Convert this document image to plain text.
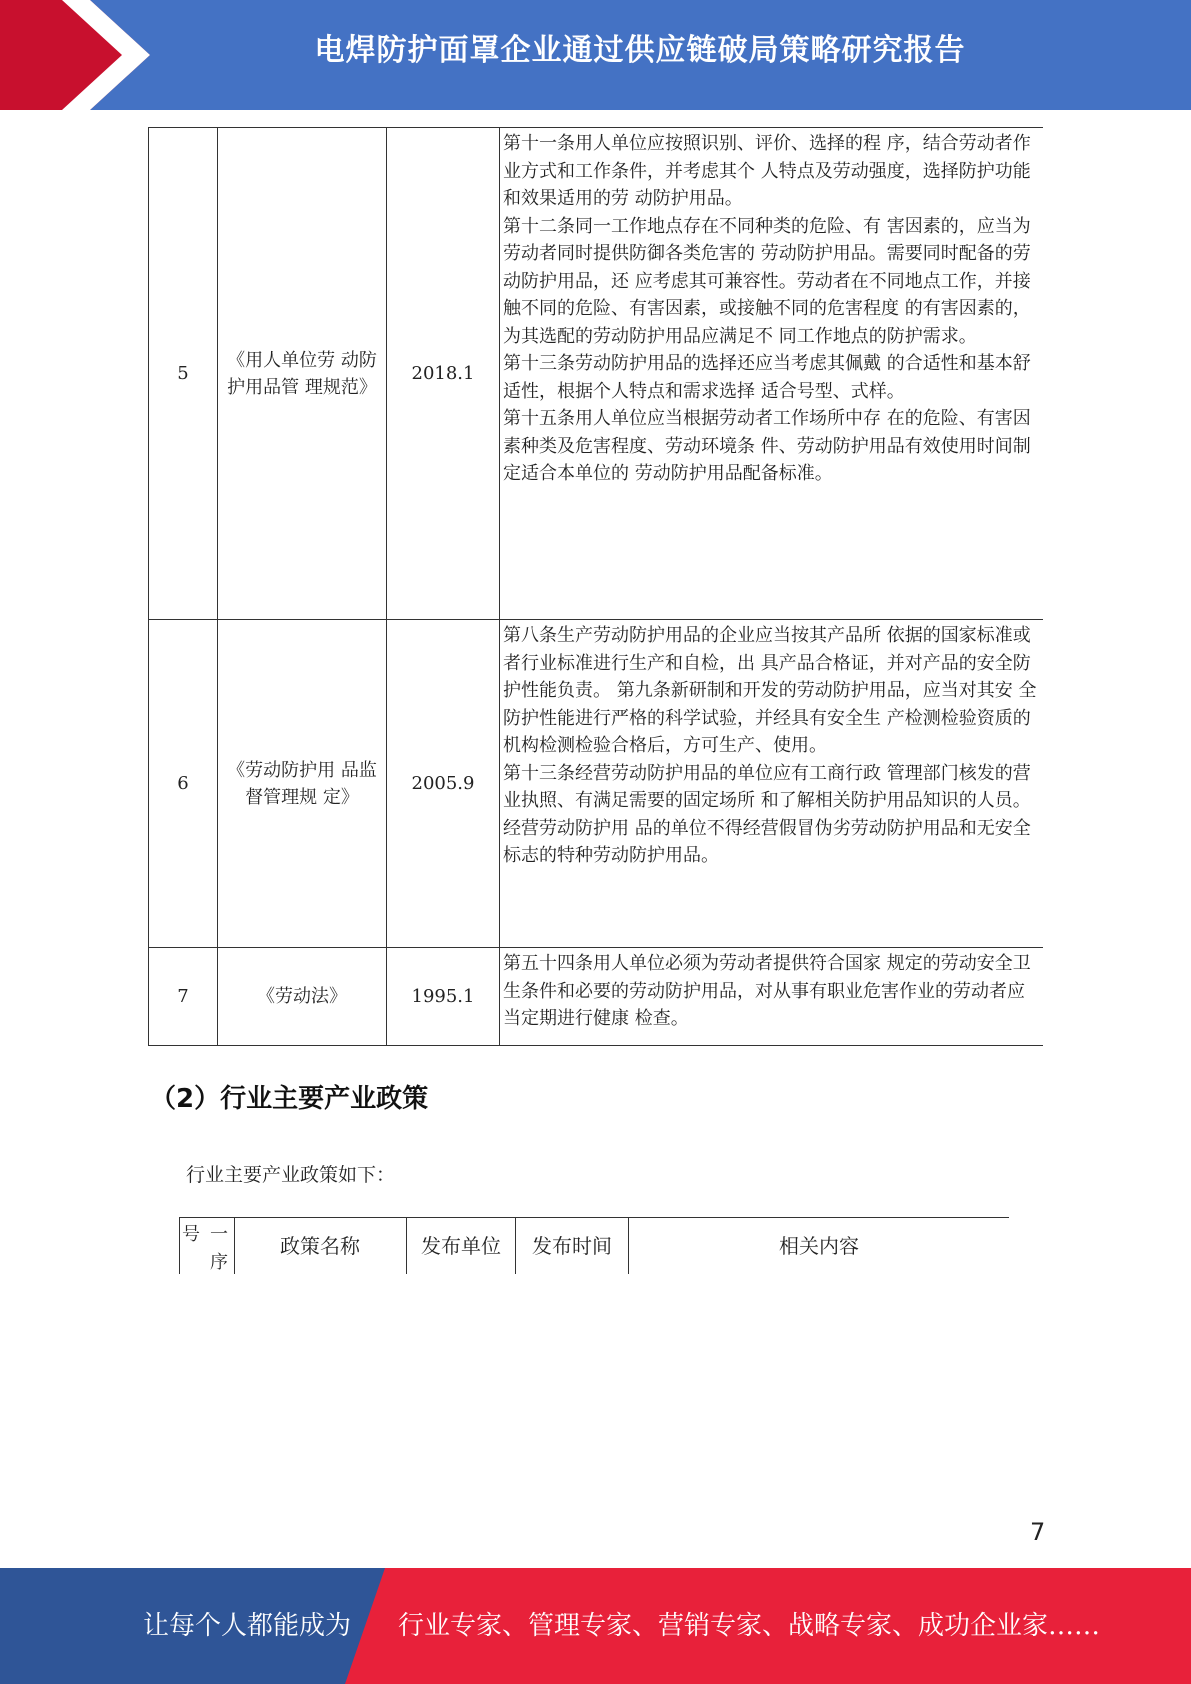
电焊防护面罩企业通过供应链破局策略研究报告
5	《用人单位劳 动防护用品管 理规范》	2018.1	第十一条用人单位应按照识别、评价、选择的程 序，结合劳动者作业方式和工作条件，并考虑其个 人特点及劳动强度，选择防护功能和效果适用的劳 动防护用品。
第十二条同一工作地点存在不同种类的危险、有 害因素的，应当为劳动者同时提供防御各类危害的 劳动防护用品。需要同时配备的劳动防护用品，还 应考虑其可兼容性。劳动者在不同地点工作，并接 触不同的危险、有害因素，或接触不同的危害程度 的有害因素的，为其选配的劳动防护用品应满足不 同工作地点的防护需求。
第十三条劳动防护用品的选择还应当考虑其佩戴 的合适性和基本舒适性，根据个人特点和需求选择 适合号型、式样。
第十五条用人单位应当根据劳动者工作场所中存 在的危险、有害因素种类及危害程度、劳动环境条 件、劳动防护用品有效使用时间制定适合本单位的 劳动防护用品配备标准。

6	《劳动防护用 品监督管理规 定》	2005.9	第八条生产劳动防护用品的企业应当按其产品所 依据的国家标准或者行业标准进行生产和自检，出 具产品合格证，并对产品的安全防护性能负责。 第九条新研制和开发的劳动防护用品，应当对其安 全防护性能进行严格的科学试验，并经具有安全生 产检测检验资质的机构检测检验合格后，方可生产、使用。
第十三条经营劳动防护用品的单位应有工商行政 管理部门核发的营业执照、有满足需要的固定场所 和了解相关防护用品知识的人员。经营劳动防护用 品的单位不得经营假冒伪劣劳动防护用品和无安全 标志的特种劳动防护用品。

7	《劳动法》	1995.1	第五十四条用人单位必须为劳动者提供符合国家 规定的劳动安全卫生条件和必要的劳动防护用品，对从事有职业危害作业的劳动者应当定期进行健康 检查。
（2）行业主要产业政策
行业主要产业政策如下：
号 一
序
政策名称	发布单位	发布时间	相关内容
7
让每个人都能成为 行业专家、管理专家、营销专家、战略专家、成功企业家……
